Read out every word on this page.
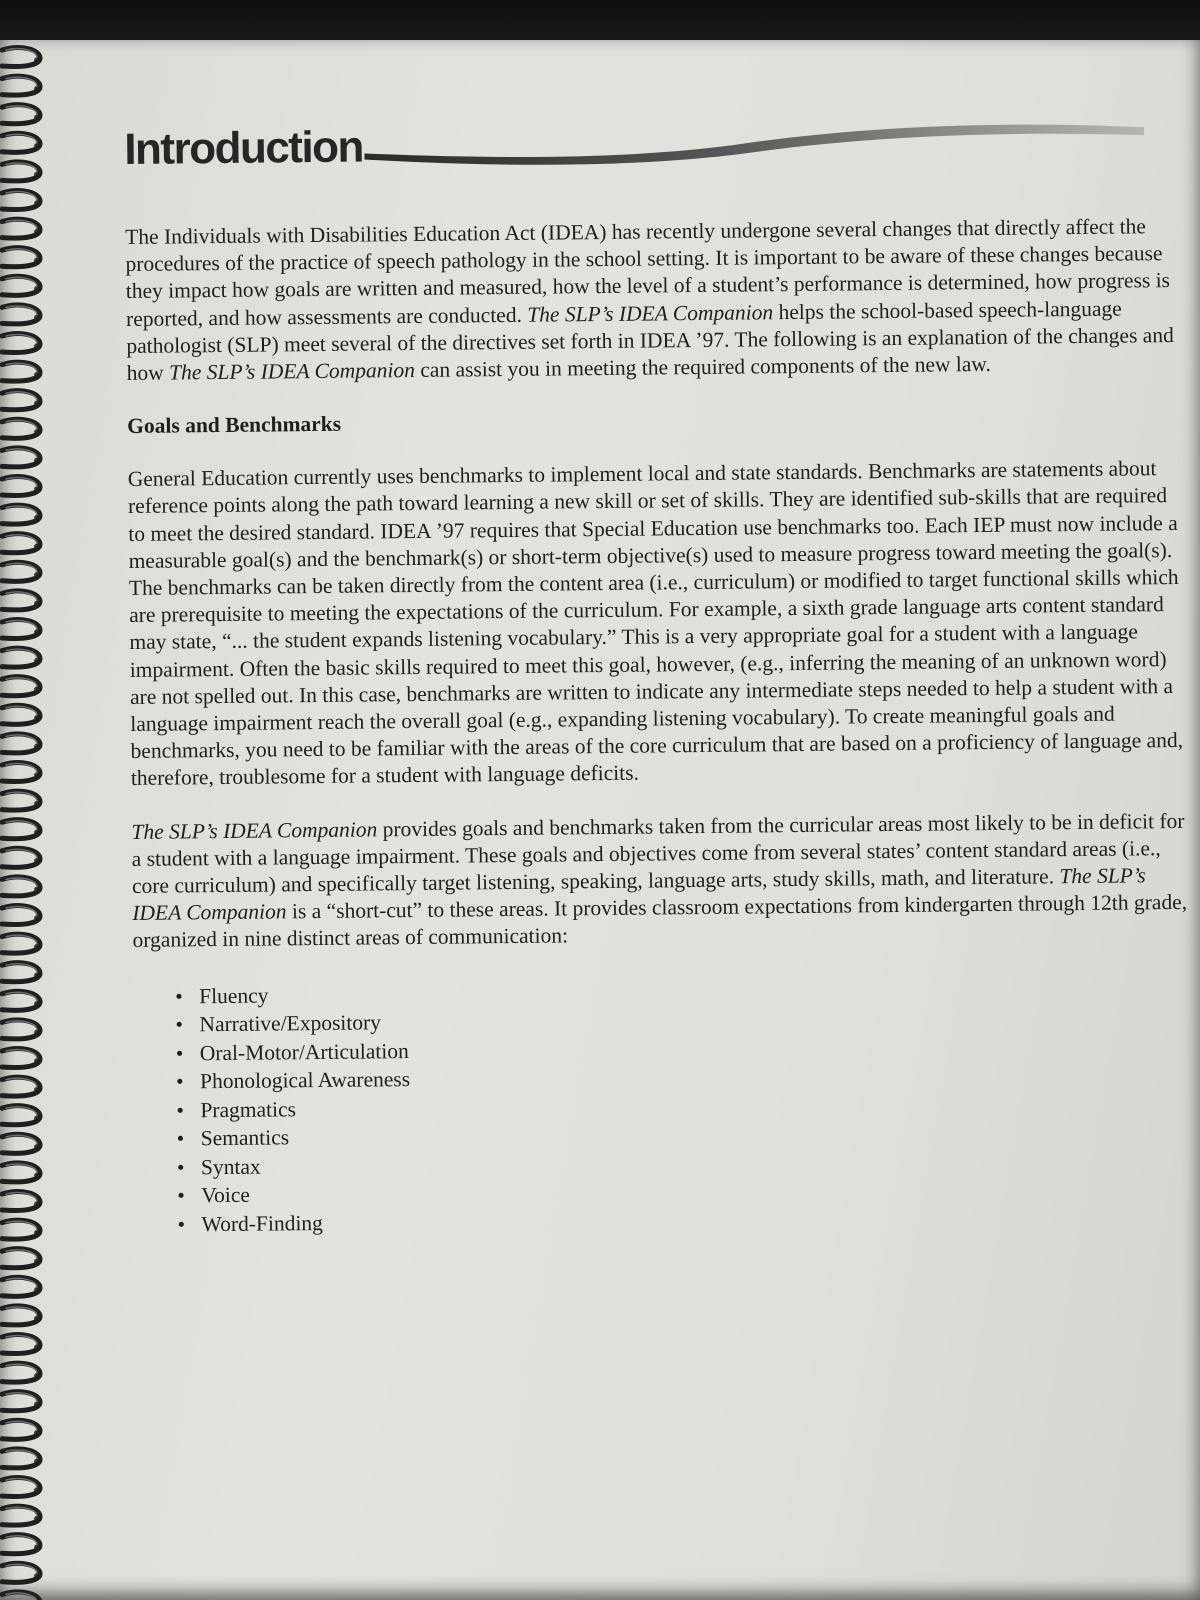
Introduction

The Individuals with Disabilities Education Act (IDEA) has recently undergone several changes that directly affect the procedures of the practice of speech pathology in the school setting. It is important to be aware of these changes because they impact how goals are written and measured, how the level of a student’s performance is determined, how progress is reported, and how assessments are conducted. The SLP’s IDEA Companion helps the school-based speech-language pathologist (SLP) meet several of the directives set forth in IDEA ’97. The following is an explanation of the changes and how The SLP’s IDEA Companion can assist you in meeting the required components of the new law.

Goals and Benchmarks

General Education currently uses benchmarks to implement local and state standards. Benchmarks are statements about reference points along the path toward learning a new skill or set of skills. They are identified sub-skills that are required to meet the desired standard. IDEA ’97 requires that Special Education use benchmarks too. Each IEP must now include a measurable goal(s) and the benchmark(s) or short-term objective(s) used to measure progress toward meeting the goal(s). The benchmarks can be taken directly from the content area (i.e., curriculum) or modified to target functional skills which are prerequisite to meeting the expectations of the curriculum. For example, a sixth grade language arts content standard may state, “... the student expands listening vocabulary.” This is a very appropriate goal for a student with a language impairment. Often the basic skills required to meet this goal, however, (e.g., inferring the meaning of an unknown word) are not spelled out. In this case, benchmarks are written to indicate any intermediate steps needed to help a student with a language impairment reach the overall goal (e.g., expanding listening vocabulary). To create meaningful goals and benchmarks, you need to be familiar with the areas of the core curriculum that are based on a proficiency of language and, therefore, troublesome for a student with language deficits.

The SLP’s IDEA Companion provides goals and benchmarks taken from the curricular areas most likely to be in deficit for a student with a language impairment. These goals and objectives come from several states’ content standard areas (i.e., core curriculum) and specifically target listening, speaking, language arts, study skills, math, and literature. The SLP’s IDEA Companion is a “short-cut” to these areas. It provides classroom expectations from kindergarten through 12th grade, organized in nine distinct areas of communication:

• Fluency
• Narrative/Expository
• Oral-Motor/Articulation
• Phonological Awareness
• Pragmatics
• Semantics
• Syntax
• Voice
• Word-Finding
